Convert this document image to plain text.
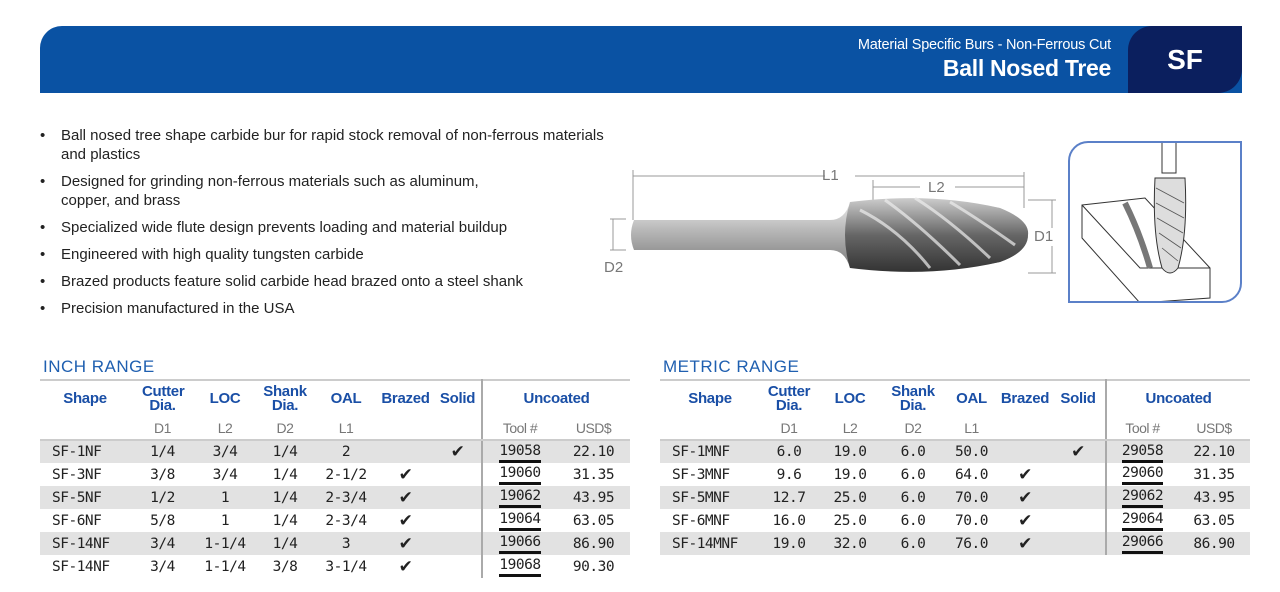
Material Specific Burs - Non-Ferrous Cut
Ball Nosed Tree	SF
• Ball nosed tree shape carbide bur for rapid stock removal of non-ferrous materials and plastics
• Designed for grinding non-ferrous materials such as aluminum, copper, and brass
• Specialized wide flute design prevents loading and material buildup
• Engineered with high quality tungsten carbide
• Brazed products feature solid carbide head brazed onto a steel shank
• Precision manufactured in the USA
L1
L2
D1
D2
INCH RANGE
Shape	Cutter Dia.	LOC	Shank Dia.	OAL	Brazed	Solid	Uncoated	
	D1	L2	D2	L1			Tool #	USD$
SF-1NF	1/4	3/4	1/4	2		✔	19058	22.10
SF-3NF	3/8	3/4	1/4	2-1/2	✔		19060	31.35
SF-5NF	1/2	1	1/4	2-3/4	✔		19062	43.95
SF-6NF	5/8	1	1/4	2-3/4	✔		19064	63.05
SF-14NF	3/4	1-1/4	1/4	3	✔		19066	86.90
SF-14NF	3/4	1-1/4	3/8	3-1/4	✔		19068	90.30
METRIC RANGE
Shape	Cutter Dia.	LOC	Shank Dia.	OAL	Brazed	Solid	Uncoated	
	D1	L2	D2	L1			Tool #	USD$
SF-1MNF	6.0	19.0	6.0	50.0		✔	29058	22.10
SF-3MNF	9.6	19.0	6.0	64.0	✔		29060	31.35
SF-5MNF	12.7	25.0	6.0	70.0	✔		29062	43.95
SF-6MNF	16.0	25.0	6.0	70.0	✔		29064	63.05
SF-14MNF	19.0	32.0	6.0	76.0	✔		29066	86.90
